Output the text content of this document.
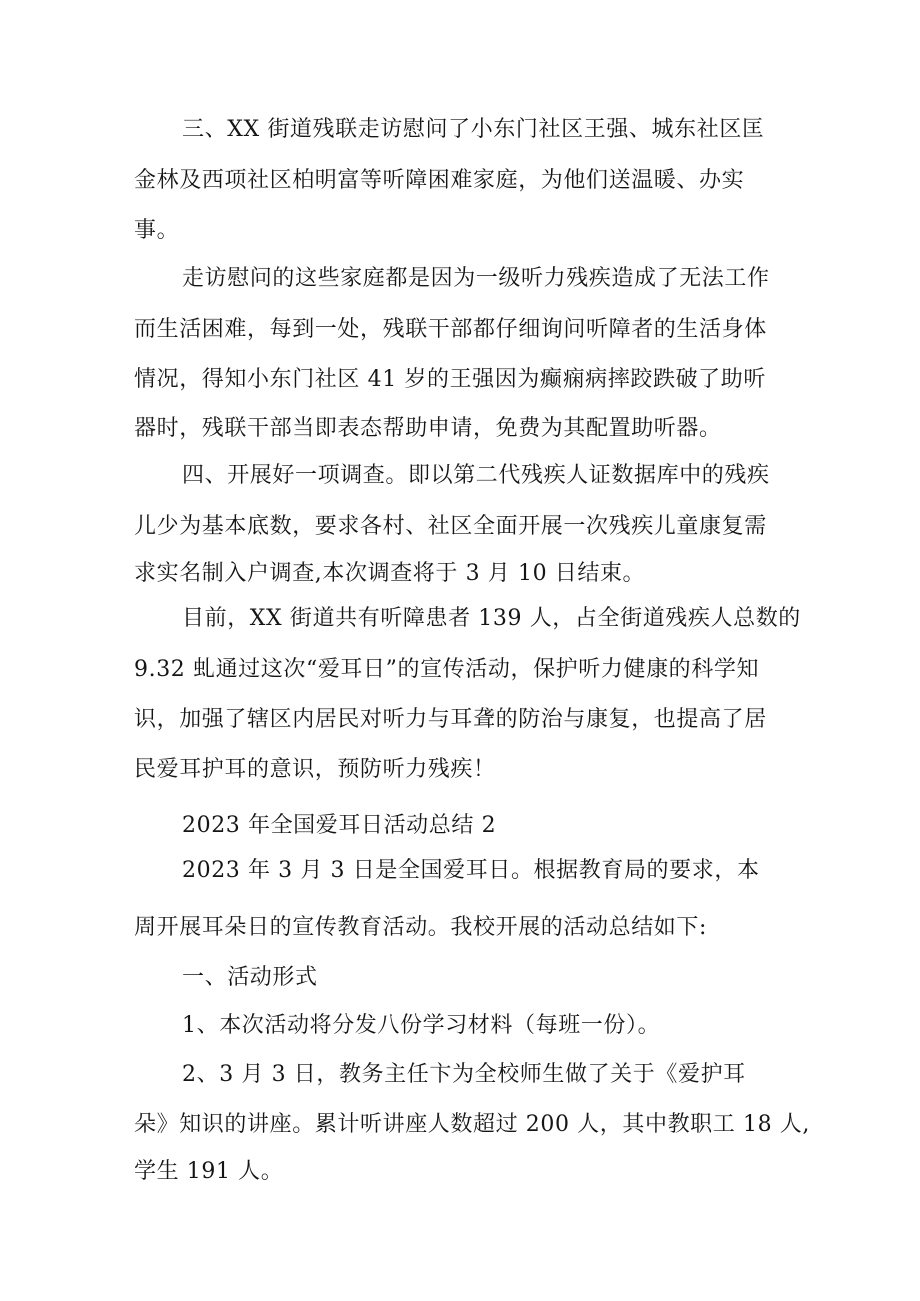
三、XX 街道残联走访慰问了小东门社区王强、城东社区匡
金林及西项社区柏明富等听障困难家庭，为他们送温暖、办实
事。
走访慰问的这些家庭都是因为一级听力残疾造成了无法工作
而生活困难，每到一处，残联干部都仔细询问听障者的生活身体
情况，得知小东门社区 41 岁的王强因为癫痫病摔跤跌破了助听
器时，残联干部当即表态帮助申请，免费为其配置助听器。
四、开展好一项调查。即以第二代残疾人证数据库中的残疾
儿少为基本底数，要求各村、社区全面开展一次残疾儿童康复需
求实名制入户调查,本次调查将于 3 月 10 日结束。
目前，XX 街道共有听障患者 139 人，占全街道残疾人总数的
9.32 虬通过这次“爱耳日”的宣传活动，保护听力健康的科学知
识，加强了辖区内居民对听力与耳聋的防治与康复，也提高了居
民爱耳护耳的意识，预防听力残疾！
2023 年全国爱耳日活动总结 2
2023 年 3 月 3 日是全国爱耳日。根据教育局的要求，本
周开展耳朵日的宣传教育活动。我校开展的活动总结如下:
一、活动形式
1、本次活动将分发八份学习材料（每班一份）。
2、3 月 3 日，教务主任卞为全校师生做了关于《爱护耳
朵》知识的讲座。累计听讲座人数超过 200 人，其中教职工 18 人,
学生 191 人。
